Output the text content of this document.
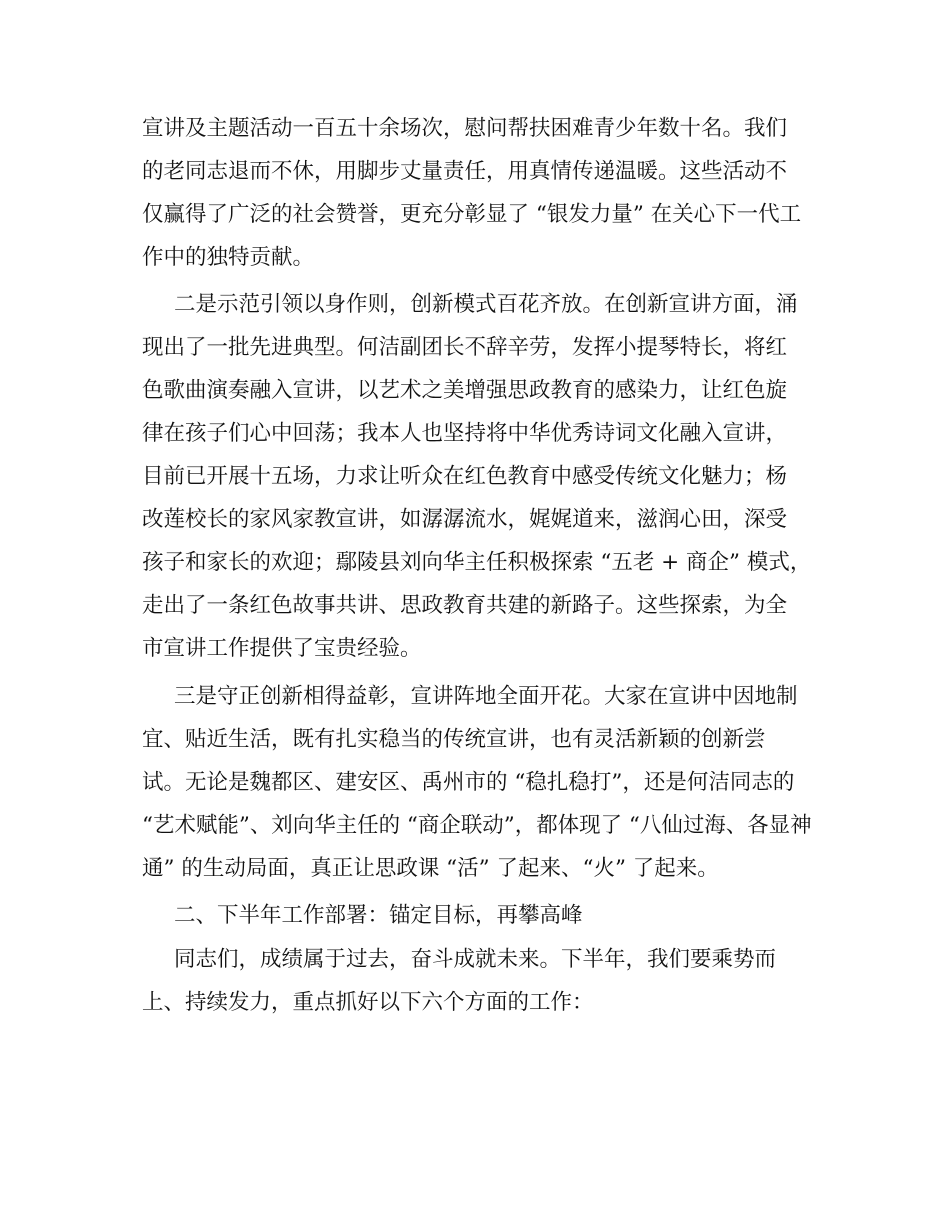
宣讲及主题活动一百五十余场次，慰问帮扶困难青少年数十名。我们

的老同志退而不休，用脚步丈量责任，用真情传递温暖。这些活动不

仅赢得了广泛的社会赞誉，更充分彰显了 “银发力量” 在关心下一代工

作中的独特贡献。

二是示范引领以身作则，创新模式百花齐放。在创新宣讲方面，涌

现出了一批先进典型。何洁副团长不辞辛劳，发挥小提琴特长，将红

色歌曲演奏融入宣讲，以艺术之美增强思政教育的感染力，让红色旋

律在孩子们心中回荡；我本人也坚持将中华优秀诗词文化融入宣讲，

目前已开展十五场，力求让听众在红色教育中感受传统文化魅力；杨

改莲校长的家风家教宣讲，如潺潺流水，娓娓道来，滋润心田，深受

孩子和家长的欢迎；鄢陵县刘向华主任积极探索 “五老 + 商企” 模式，

走出了一条红色故事共讲、思政教育共建的新路子。这些探索，为全

市宣讲工作提供了宝贵经验。

三是守正创新相得益彰，宣讲阵地全面开花。大家在宣讲中因地制

宜、贴近生活，既有扎实稳当的传统宣讲，也有灵活新颖的创新尝

试。无论是魏都区、建安区、禹州市的 “稳扎稳打”，还是何洁同志的

“艺术赋能”、刘向华主任的 “商企联动”，都体现了 “八仙过海、各显神

通” 的生动局面，真正让思政课 “活” 了起来、“火” 了起来。

二、下半年工作部署：锚定目标，再攀高峰

同志们，成绩属于过去，奋斗成就未来。下半年，我们要乘势而

上、持续发力，重点抓好以下六个方面的工作：
